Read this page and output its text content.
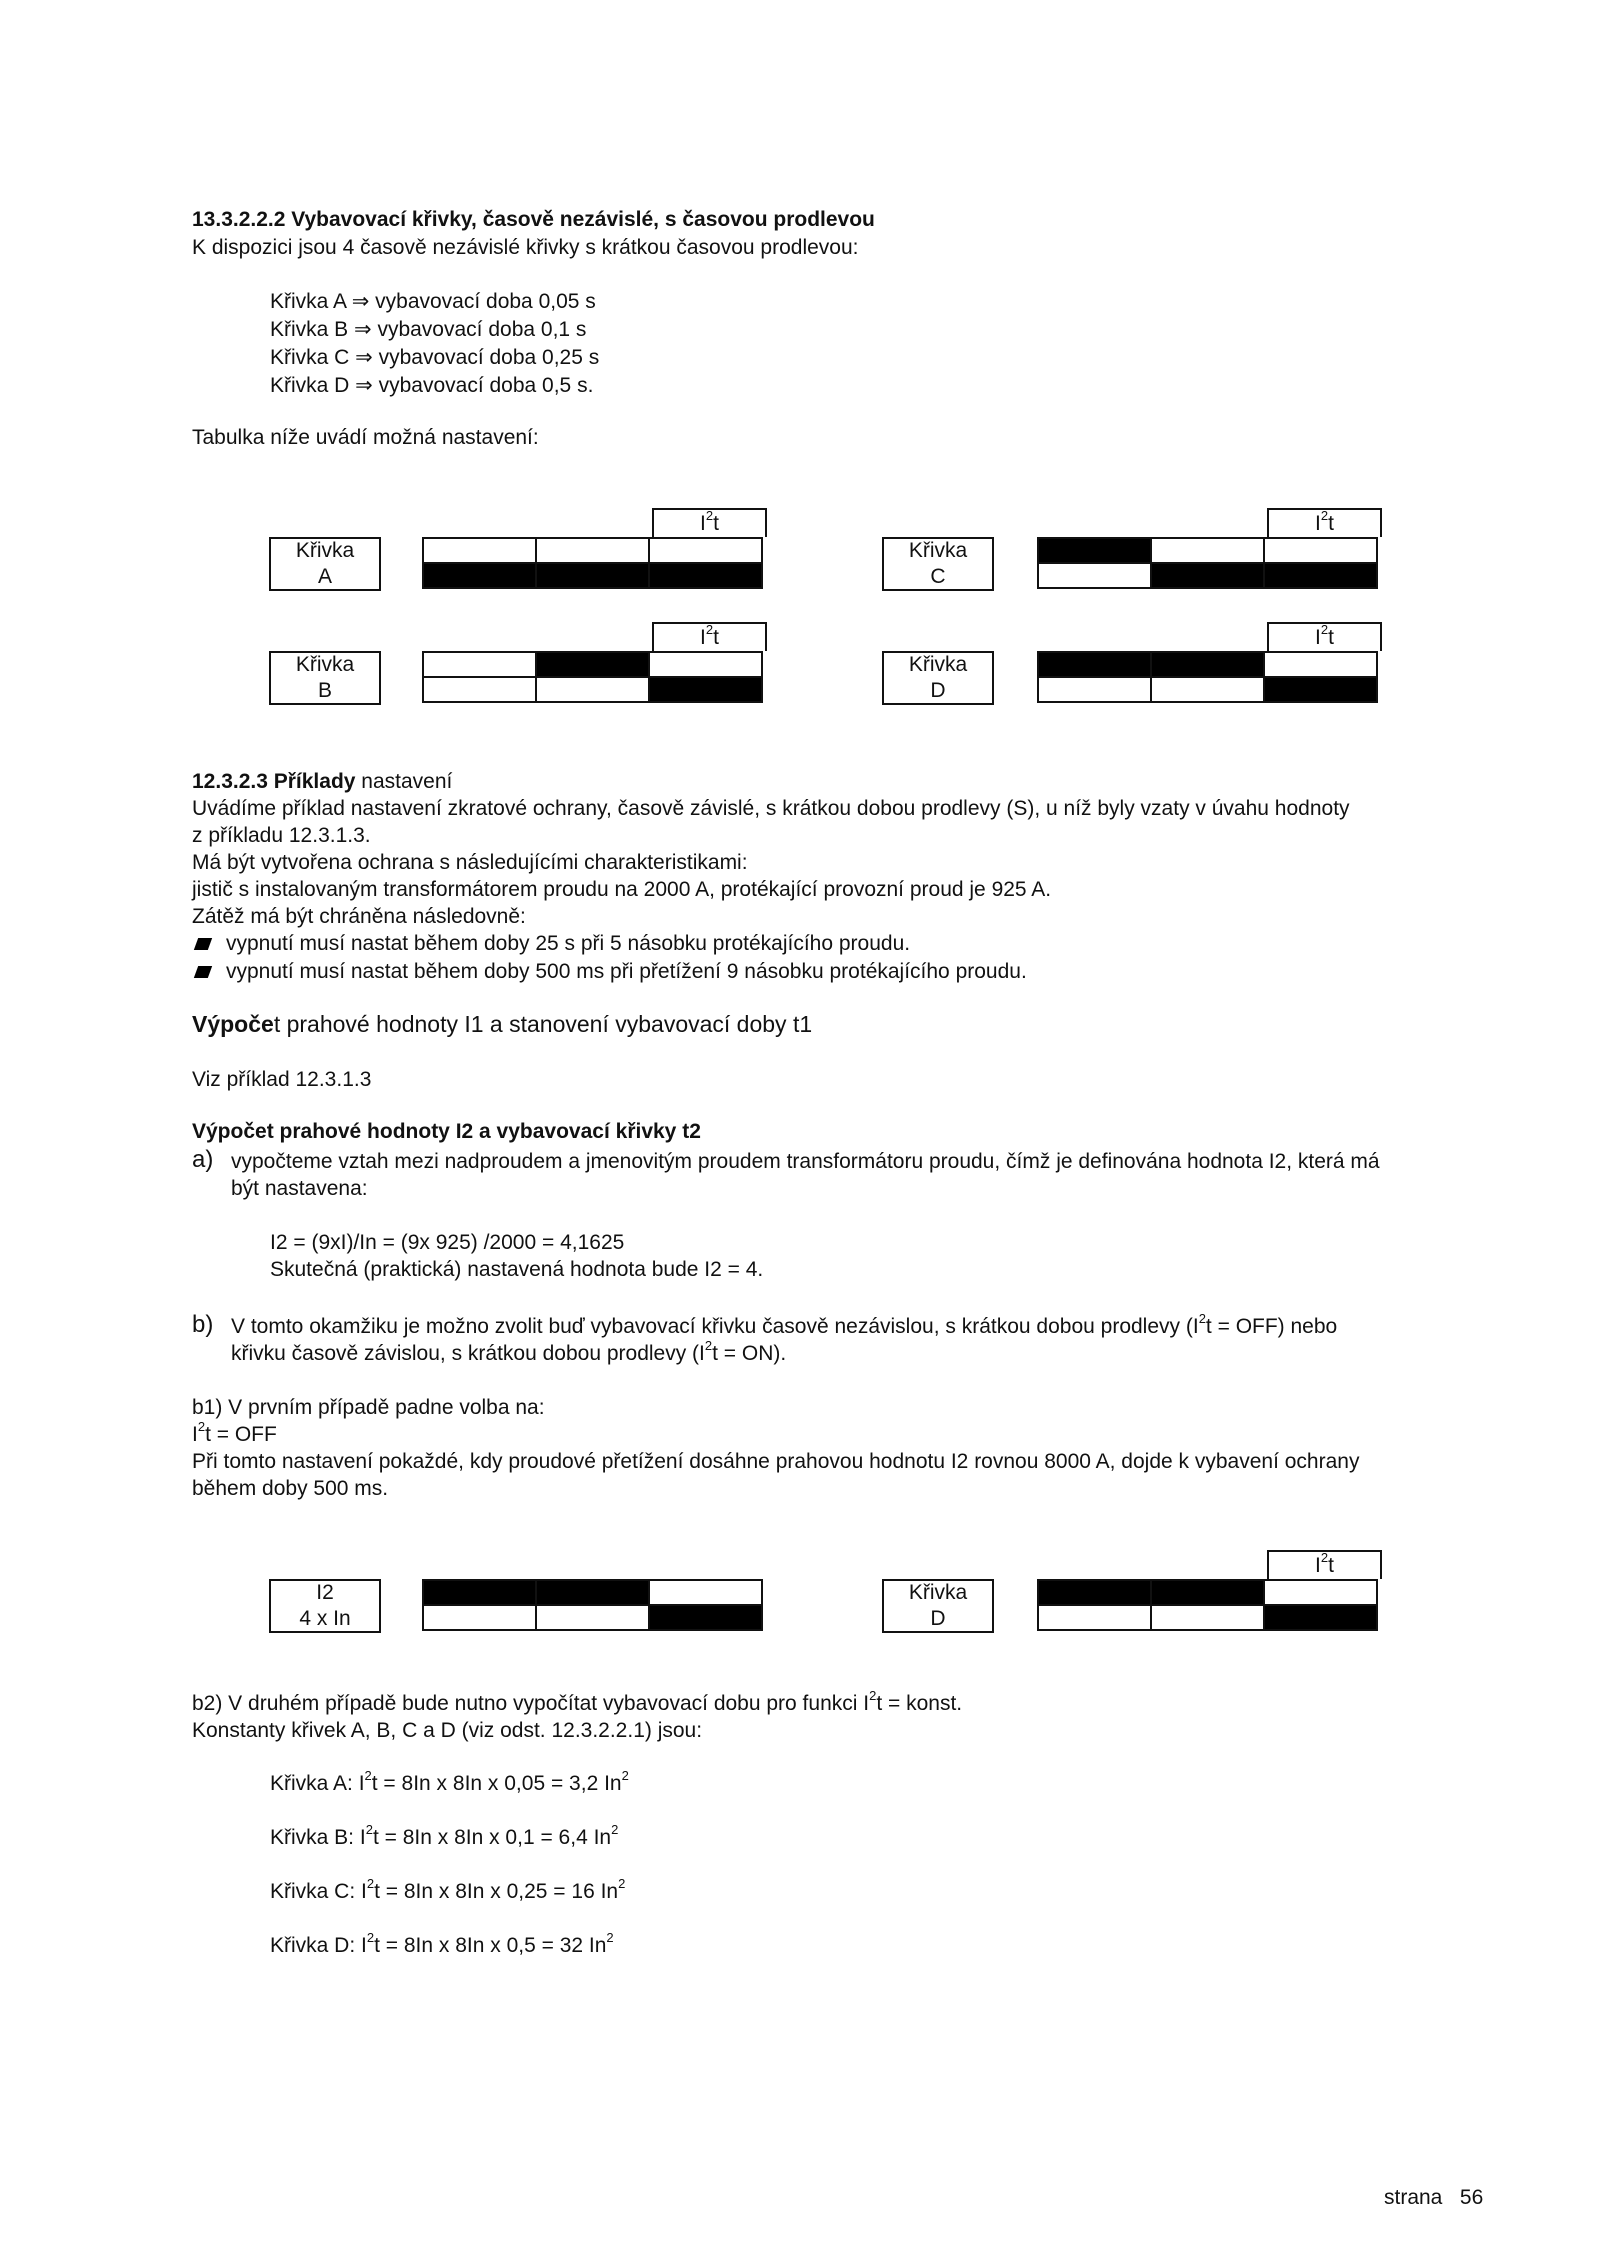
13.3.2.2.2 Vybavovací křivky, časově nezávislé, s časovou prodlevou

K dispozici jsou 4 časově nezávislé křivky s krátkou časovou prodlevou:

Křivka A ⇒ vybavovací doba 0,05 s

Křivka B ⇒ vybavovací doba 0,1 s

Křivka C ⇒ vybavovací doba 0,25 s

Křivka D ⇒ vybavovací doba 0,5 s.

Tabulka níže uvádí možná nastavení:

Křivka
A
$I^2t$
Křivka
C
$I^2t$
Křivka
B
$I^2t$
Křivka
D
$I^2t$

12.3.2.3 Příklady nastavení

Uvádíme příklad nastavení zkratové ochrany, časově závislé, s krátkou dobou prodlevy (S), u níž byly vzaty v úvahu hodnoty

z příkladu 12.3.1.3.

Má být vytvořena ochrana s následujícími charakteristikami:

jistič s instalovaným transformátorem proudu na 2000 A, protékající provozní proud je 925 A.

Zátěž má být chráněna následovně:

vypnutí musí nastat během doby 25 s při 5 násobku protékajícího proudu.

vypnutí musí nastat během doby 500 ms při přetížení 9 násobku protékajícího proudu.

Výpočet prahové hodnoty I1 a stanovení vybavovací doby t1

Viz příklad 12.3.1.3

Výpočet prahové hodnoty I2 a vybavovací křivky t2

a) vypočteme vztah mezi nadproudem a jmenovitým proudem transformátoru proudu, čímž je definována hodnota I2, která má

být nastavena:

I2 = (9xI)/In = (9x 925) /2000 = 4,1625

Skutečná (praktická) nastavená hodnota bude I2 = 4.

b) V tomto okamžiku je možno zvolit buď vybavovací křivku časově nezávislou, s krátkou dobou prodlevy $(I^2t = OFF)$ nebo

křivku časově závislou, s krátkou dobou prodlevy $(I^2t = ON)$.

b1) V prvním případě padne volba na:

$I^2t$ = OFF

Při tomto nastavení pokaždé, kdy proudové přetížení dosáhne prahovou hodnotu I2 rovnou 8000 A, dojde k vybavení ochrany

během doby 500 ms.

I2
4 x In
Křivka
D
$I^2t$

b2) V druhém případě bude nutno vypočítat vybavovací dobu pro funkci $I^2t$ = konst.

Konstanty křivek A, B, C a D (viz odst. 12.3.2.2.1) jsou:

Křivka A: $I^2t = 8In$ x 8In x 0,05 = 3,2 In$^2$

Křivka B: $I^2t = 8In$ x 8In x 0,1 = 6,4 In$^2$

Křivka C: $I^2t = 8In$ x 8In x 0,25 = 16 In$^2$

Křivka D: $I^2t = 8In$ x 8In x 0,5 = 32 In$^2$

strana 56
